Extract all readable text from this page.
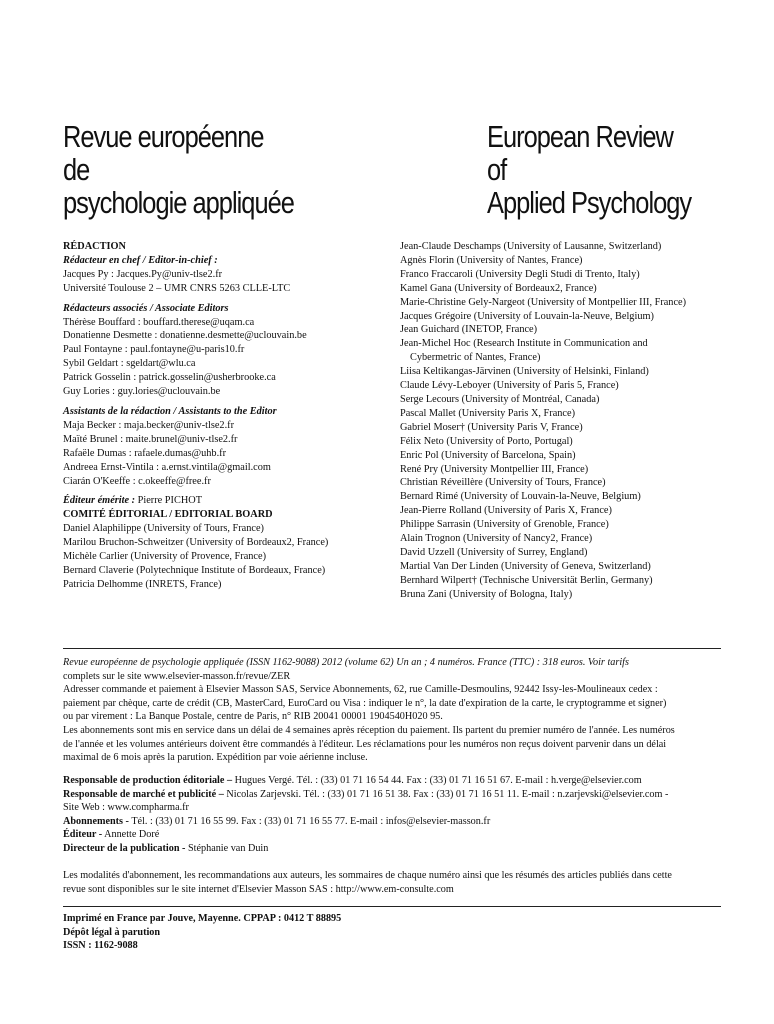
Revue européenne
de
psychologie appliquée
European Review
of
Applied Psychology
RÉDACTION
Rédacteur en chef / Editor-in-chief :
Jacques Py : Jacques.Py@univ-tlse2.fr
Université Toulouse 2 – UMR CNRS 5263 CLLE-LTC
Rédacteurs associés / Associate Editors
Thérèse Bouffard : bouffard.therese@uqam.ca
Donatienne Desmette : donatienne.desmette@uclouvain.be
Paul Fontayne : paul.fontayne@u-paris10.fr
Sybil Geldart : sgeldart@wlu.ca
Patrick Gosselin : patrick.gosselin@usherbrooke.ca
Guy Lories : guy.lories@uclouvain.be
Assistants de la rédaction / Assistants to the Editor
Maja Becker : maja.becker@univ-tlse2.fr
Maïté Brunel : maite.brunel@univ-tlse2.fr
Rafaële Dumas : rafaele.dumas@uhb.fr
Andreea Ernst-Vintila : a.ernst.vintila@gmail.com
Ciarán O'Keeffe : c.okeeffe@free.fr
Éditeur émérite : Pierre PICHOT
COMITÉ ÉDITORIAL / EDITORIAL BOARD
Daniel Alaphilippe (University of Tours, France)
Marilou Bruchon-Schweitzer (University of Bordeaux2, France)
Michèle Carlier (University of Provence, France)
Bernard Claverie (Polytechnique Institute of Bordeaux, France)
Patricia Delhomme (INRETS, France)
Jean-Claude Deschamps (University of Lausanne, Switzerland)
Agnès Florin (University of Nantes, France)
Franco Fraccaroli (University Degli Studi di Trento, Italy)
Kamel Gana (University of Bordeaux2, France)
Marie-Christine Gely-Nargeot (University of Montpellier III, France)
Jacques Grégoire (University of Louvain-la-Neuve, Belgium)
Jean Guichard (INETOP, France)
Jean-Michel Hoc (Research Institute in Communication and
Cybermetric of Nantes, France)
Liisa Keltikangas-Järvinen (University of Helsinki, Finland)
Claude Lévy-Leboyer (University of Paris 5, France)
Serge Lecours (University of Montréal, Canada)
Pascal Mallet (University Paris X, France)
Gabriel Moser† (University Paris V, France)
Félix Neto (University of Porto, Portugal)
Enric Pol (University of Barcelona, Spain)
René Pry (University Montpellier III, France)
Christian Réveillère (University of Tours, France)
Bernard Rimé (University of Louvain-la-Neuve, Belgium)
Jean-Pierre Rolland (University of Paris X, France)
Philippe Sarrasin (University of Grenoble, France)
Alain Trognon (University of Nancy2, France)
David Uzzell (University of Surrey, England)
Martial Van Der Linden (University of Geneva, Switzerland)
Bernhard Wilpert† (Technische Universität Berlin, Germany)
Bruna Zani (University of Bologna, Italy)

Revue européenne de psychologie appliquée (ISSN 1162-9088) 2012 (volume 62) Un an ; 4 numéros. France (TTC) : 318 euros. Voir tarifs

complets sur le site www.elsevier-masson.fr/revue/ZER

Adresser commande et paiement à Elsevier Masson SAS, Service Abonnements, 62, rue Camille-Desmoulins, 92442 Issy-les-Moulineaux cedex :

paiement par chèque, carte de crédit (CB, MasterCard, EuroCard ou Visa : indiquer le n°, la date d'expiration de la carte, le cryptogramme et signer)

ou par virement : La Banque Postale, centre de Paris, n° RIB 20041 00001 1904540H020 95.

Les abonnements sont mis en service dans un délai de 4 semaines après réception du paiement. Ils partent du premier numéro de l'année. Les numéros

de l'année et les volumes antérieurs doivent être commandés à l'éditeur. Les réclamations pour les numéros non reçus doivent parvenir dans un délai

maximal de 6 mois après la parution. Expédition par voie aérienne incluse.

Responsable de production éditoriale – Hugues Vergé. Tél. : (33) 01 71 16 54 44. Fax : (33) 01 71 16 51 67. E-mail : h.verge@elsevier.com

Responsable de marché et publicité – Nicolas Zarjevski. Tél. : (33) 01 71 16 51 38. Fax : (33) 01 71 16 51 11. E-mail : n.zarjevski@elsevier.com -

Site Web : www.compharma.fr

Abonnements - Tél. : (33) 01 71 16 55 99. Fax : (33) 01 71 16 55 77. E-mail : infos@elsevier-masson.fr

Éditeur - Annette Doré

Directeur de la publication - Stéphanie van Duin

Les modalités d'abonnement, les recommandations aux auteurs, les sommaires de chaque numéro ainsi que les résumés des articles publiés dans cette

revue sont disponibles sur le site internet d'Elsevier Masson SAS : http://www.em-consulte.com

Imprimé en France par Jouve, Mayenne. CPPAP : 0412 T 88895

Dépôt légal à parution

ISSN : 1162-9088
